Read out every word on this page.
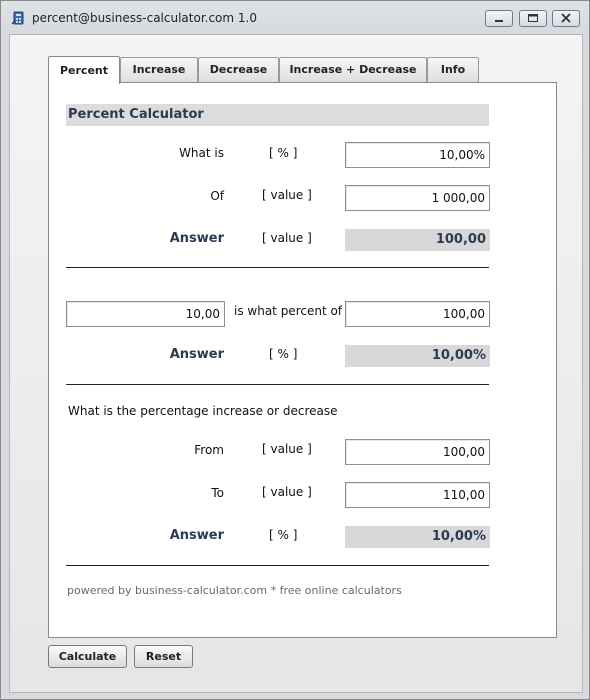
percent@business-calculator.com 1.0
Percent	Increase	Decrease	Increase + Decrease	Info
Percent Calculator
What is	[ % ]	10,00%
Of	[ value ]	1 000,00
Answer	[ value ]	100,00
10,00	is what percent of	100,00
Answer	[ % ]	10,00%
What is the percentage increase or decrease
From	[ value ]	100,00
To	[ value ]	110,00
Answer	[ % ]	10,00%
powered by business-calculator.com * free online calculators
Calculate	Reset
